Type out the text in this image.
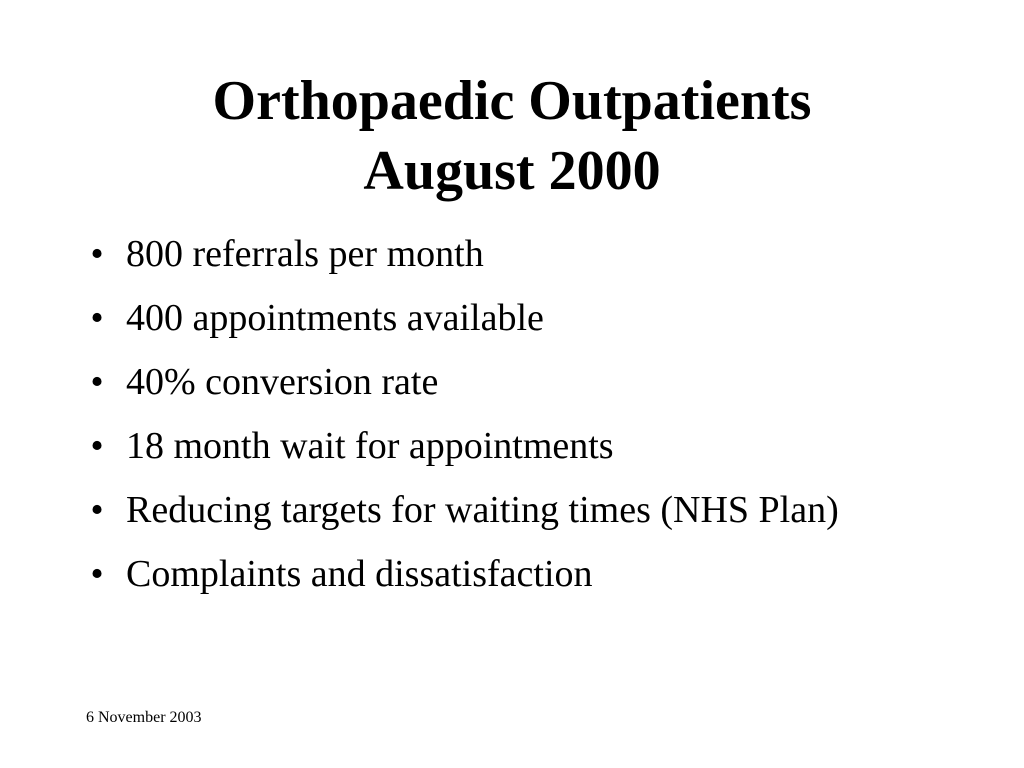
Orthopaedic Outpatients
August 2000
• 800 referrals per month
• 400 appointments available
• 40% conversion rate
• 18 month wait for appointments
• Reducing targets for waiting times (NHS Plan)
• Complaints and dissatisfaction
6 November 2003
